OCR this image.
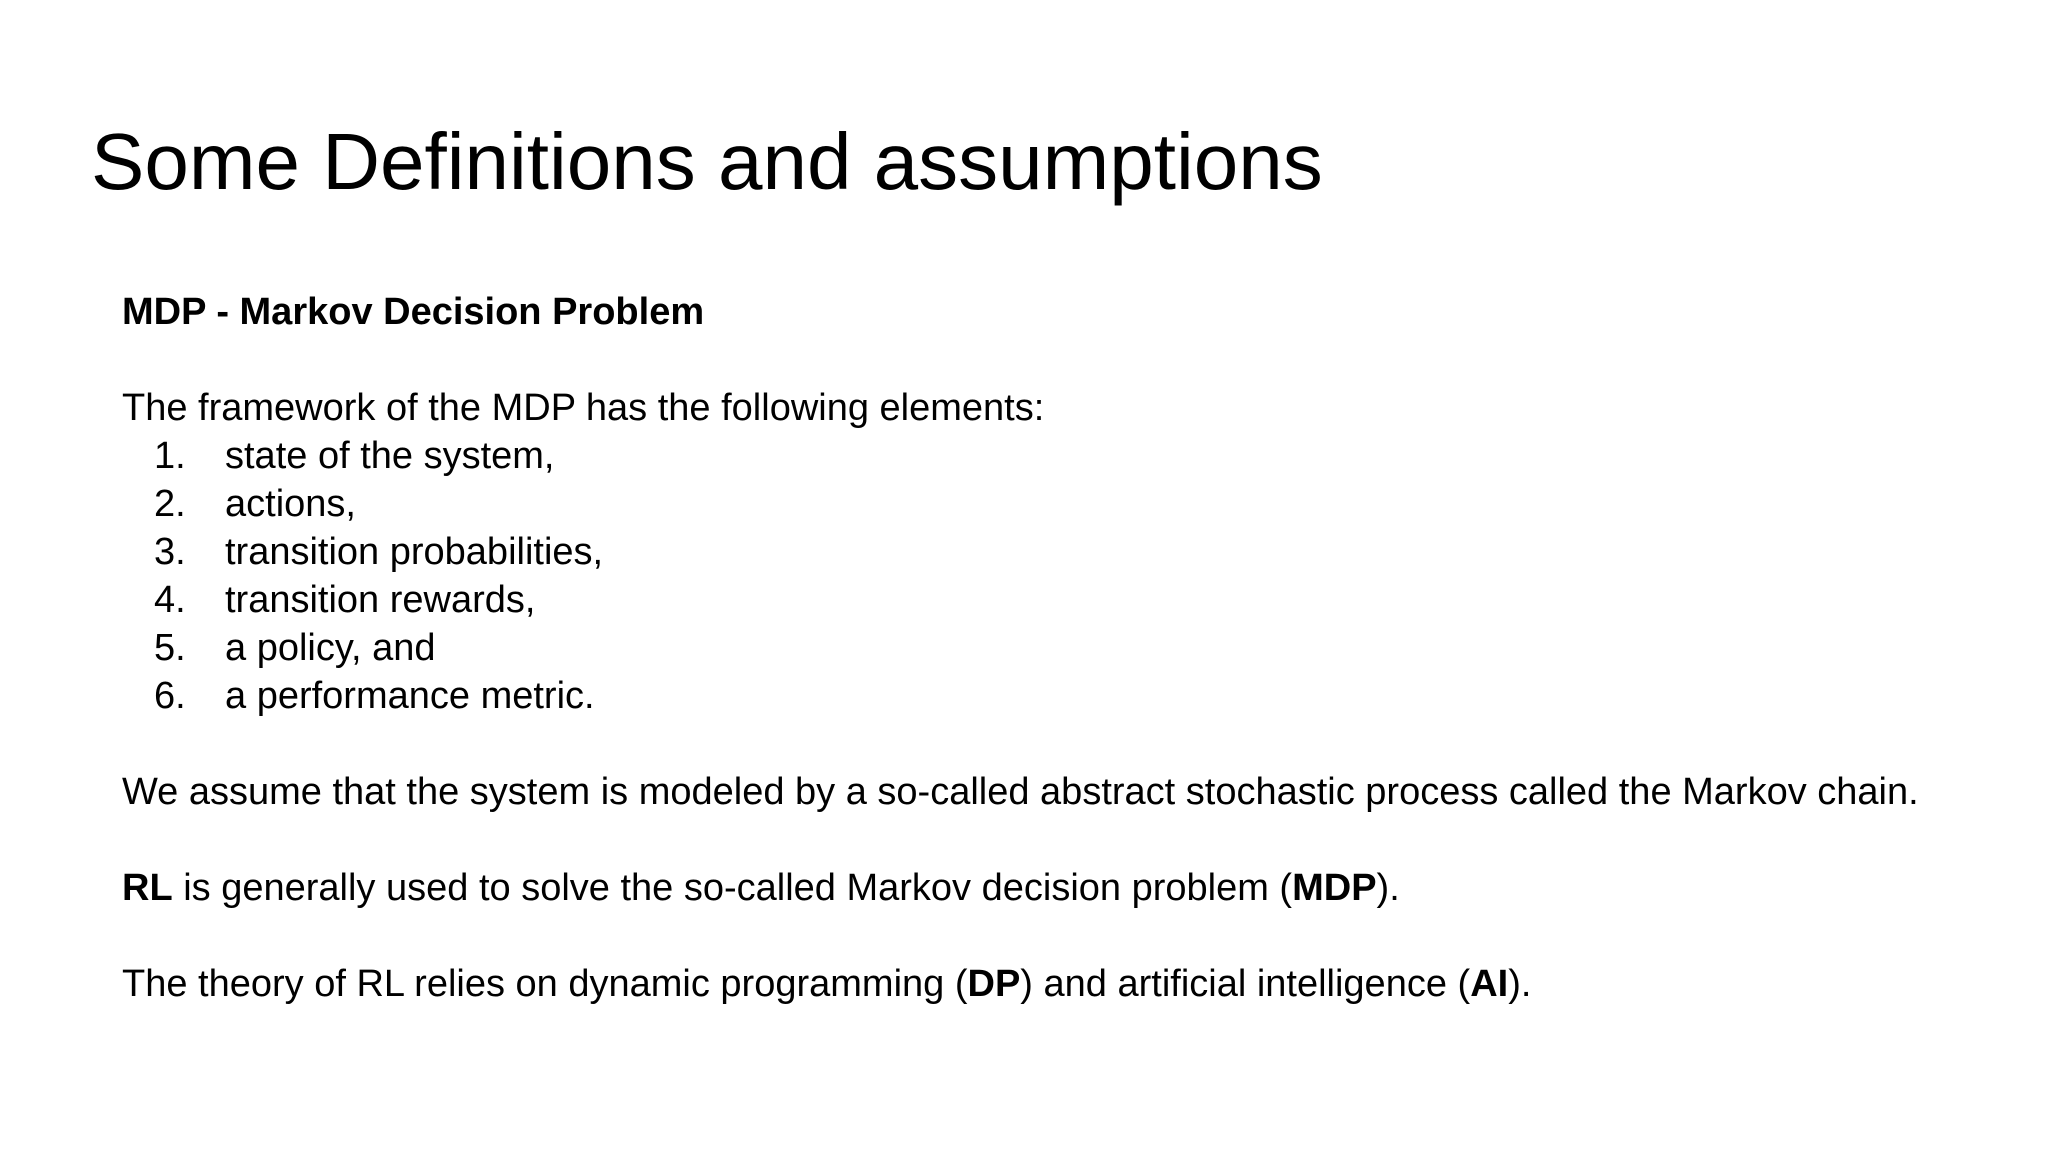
Some Definitions and assumptions

MDP - Markov Decision Problem

The framework of the MDP has the following elements:

1. state of the system,
2. actions,
3. transition probabilities,
4. transition rewards,
5. a policy, and
6. a performance metric.

We assume that the system is modeled by a so-called abstract stochastic process called the Markov chain.

RL is generally used to solve the so-called Markov decision problem (MDP).

The theory of RL relies on dynamic programming (DP) and artificial intelligence (AI).
